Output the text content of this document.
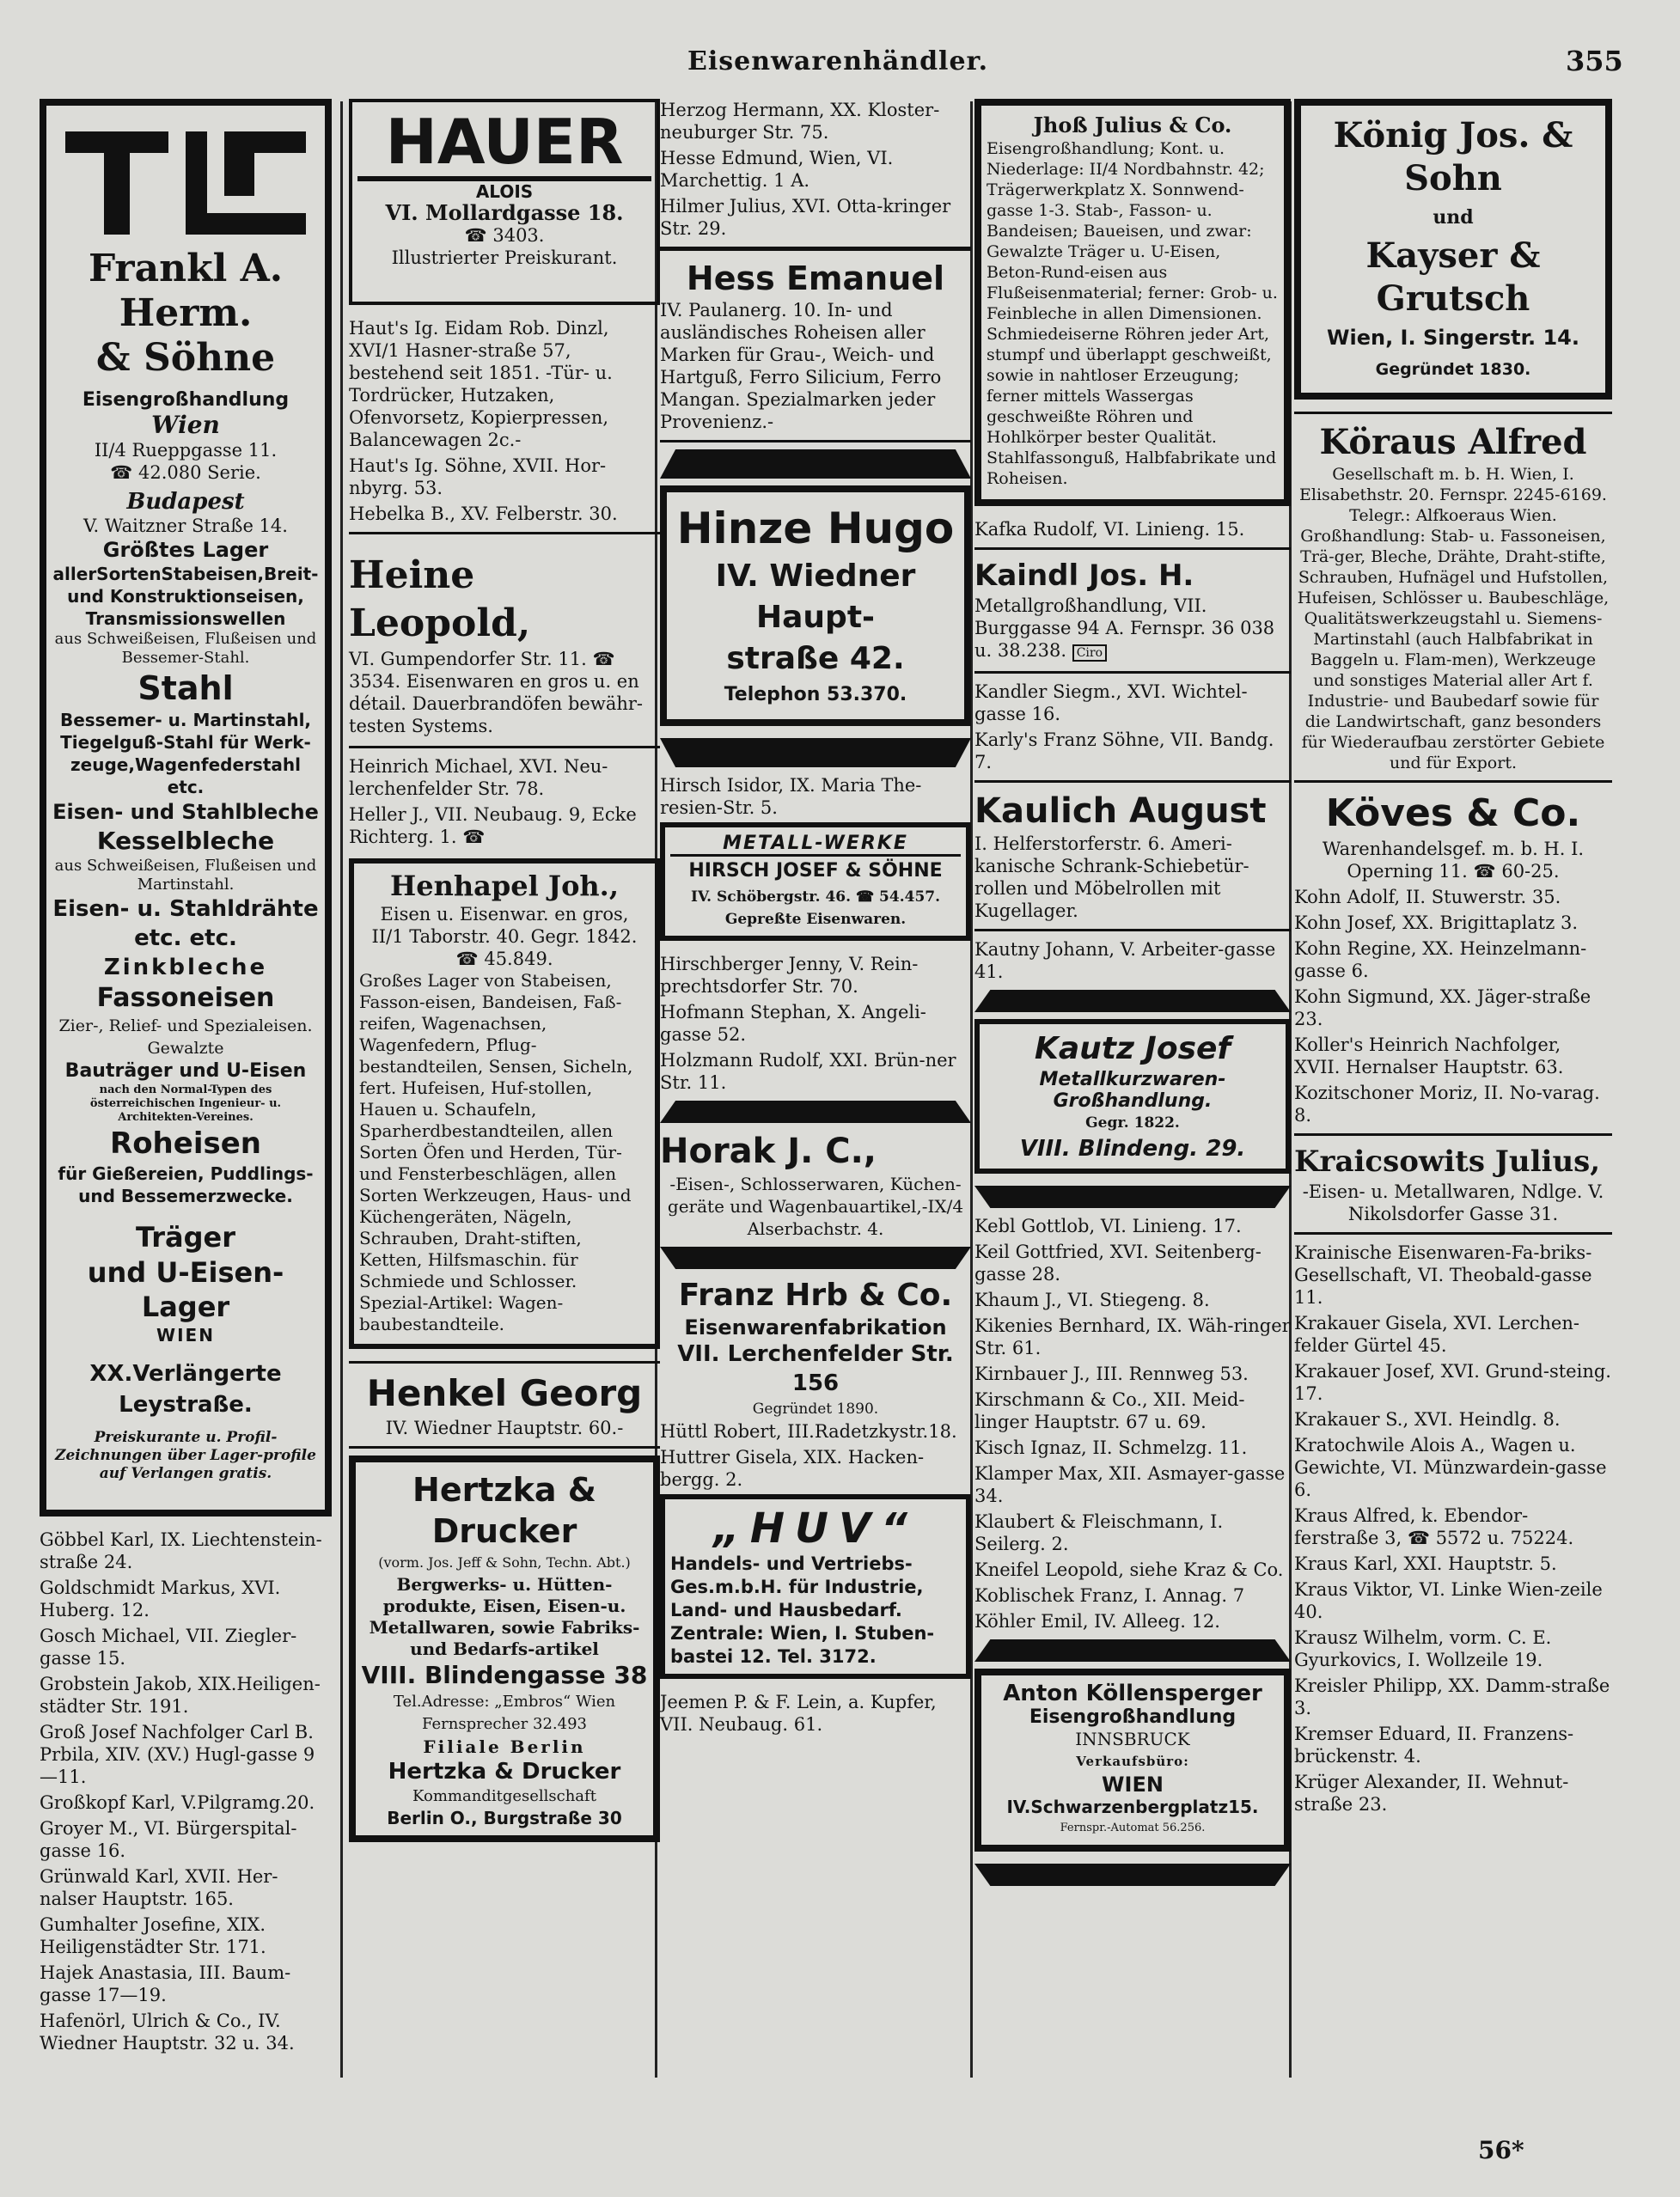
Eisenwarenhändler.	355
Frankl A. Herm.
& Söhne
Eisengroßhandlung
Wien
II/4 Rueppgasse 11.
☎ 42.080 Serie.
Budapest
V. Waitzner Straße 14.
Größtes Lager
allerSortenStabeisen,Breit-
und Konstruktionseisen,
Transmissionswellen
aus Schweißeisen, Flußeisen und Bessemer-Stahl.
Stahl
Bessemer- u. Martinstahl,
Tiegelguß-Stahl für Werk-
zeuge,Wagenfederstahl etc.
Eisen- und Stahlbleche
Kesselbleche
aus Schweißeisen, Flußeisen und Martinstahl.
Eisen- u. Stahldrähte
etc. etc.
Zinkbleche
Fassoneisen
Zier-, Relief- und Spezialeisen.
Gewalzte
Bauträger und U-Eisen
nach den Normal-Typen des österreichischen Ingenieur- u. Architekten-Vereines.
Roheisen
für Gießereien, Puddlings-
und Bessemerzwecke.
Träger
und U-Eisen-Lager
WIEN
XX.Verlängerte Leystraße.
Preiskurante u. Profil-Zeichnungen über Lager-profile auf Verlangen gratis.
Göbbel Karl, IX. Liechtenstein-straße 24.
Goldschmidt Markus, XVI. Huberg. 12.
Gosch Michael, VII. Ziegler-gasse 15.
Grobstein Jakob, XIX.Heiligen-städter Str. 191.
Groß Josef Nachfolger Carl B. Prbila, XIV. (XV.) Hugl-gasse 9—11.
Großkopf Karl, V.Pilgramg.20.
Groyer M., VI. Bürgerspital-gasse 16.
Grünwald Karl, XVII. Her-nalser Hauptstr. 165.
Gumhalter Josefine, XIX. Heiligenstädter Str. 171.
Hajek Anastasia, III. Baum-gasse 17—19.
Hafenörl, Ulrich & Co., IV. Wiedner Hauptstr. 32 u. 34.
HAUER
ALOIS
VI. Mollardgasse 18.
☎ 3403.
Illustrierter Preiskurant.
Haut's Ig. Eidam Rob. Dinzl, XVI/1 Hasner-straße 57, bestehend seit 1851. -Tür- u. Tordrücker, Hutzaken, Ofenvorsetz, Kopierpressen, Balancewagen 2c.-
Haut's Ig. Söhne, XVII. Hor-nbyrg. 53.
Hebelka B., XV. Felberstr. 30.
Heine Leopold,
VI. Gumpendorfer Str. 11. ☎ 3534. Eisenwaren en gros u. en détail. Dauerbrandöfen bewähr-testen Systems.
Heinrich Michael, XVI. Neu-lerchenfelder Str. 78.
Heller J., VII. Neubaug. 9, Ecke Richterg. 1. ☎
Henhapel Joh.,
Eisen u. Eisenwar. en gros,
II/1 Taborstr. 40. Gegr. 1842.
☎ 45.849.
Großes Lager von Stabeisen, Fasson-eisen, Bandeisen, Faß-reifen, Wagenachsen, Wagenfedern, Pflug-bestandteilen, Sensen, Sicheln, fert. Hufeisen, Huf-stollen, Hauen u. Schaufeln, Sparherdbestandteilen, allen Sorten Öfen und Herden, Tür- und Fensterbeschlägen, allen Sorten Werkzeugen, Haus- und Küchengeräten, Nägeln, Schrauben, Draht-stiften, Ketten, Hilfsmaschin. für Schmiede und Schlosser. Spezial-Artikel: Wagen-baubestandteile.
Henkel Georg
IV. Wiedner Hauptstr. 60.-
Hertzka & Drucker
(vorm. Jos. Jeff & Sohn, Techn. Abt.)
Bergwerks- u. Hütten-produkte, Eisen, Eisen-u. Metallwaren, sowie Fabriks- und Bedarfs-artikel
VIII. Blindengasse 38
Tel.Adresse: „Embros“ Wien
Fernsprecher 32.493
Filiale Berlin
Hertzka & Drucker
Kommanditgesellschaft
Berlin O., Burgstraße 30
Herzog Hermann, XX. Kloster-neuburger Str. 75.
Hesse Edmund, Wien, VI. Marchettig. 1 A.
Hilmer Julius, XVI. Otta-kringer Str. 29.
Hess Emanuel
IV. Paulanerg. 10. In- und ausländisches Roheisen aller Marken für Grau-, Weich- und Hartguß, Ferro Silicium, Ferro Mangan. Spezialmarken jeder Provenienz.-
Hinze Hugo
IV. Wiedner Haupt-
straße 42.
Telephon 53.370.
Hirsch Isidor, IX. Maria The-resien-Str. 5.
METALL-WERKE
HIRSCH JOSEF & SÖHNE
IV. Schöbergstr. 46. ☎ 54.457.
Gepreßte Eisenwaren.
Hirschberger Jenny, V. Rein-prechtsdorfer Str. 70.
Hofmann Stephan, X. Angeli-gasse 52.
Holzmann Rudolf, XXI. Brün-ner Str. 11.
Horak J. C.,
-Eisen-, Schlosserwaren, Küchen-geräte und Wagenbauartikel,-IX/4 Alserbachstr. 4.
Franz Hrb & Co.
Eisenwarenfabrikation
VII. Lerchenfelder Str. 156
Gegründet 1890.
Hüttl Robert, III.Radetzkystr.18.
Huttrer Gisela, XIX. Hacken-bergg. 2.
„HUV“
Handels- und Vertriebs-
Ges.m.b.H. für Industrie,
Land- und Hausbedarf.
Zentrale: Wien, I. Stuben-
bastei 12. Tel. 3172.
Jeemen P. & F. Lein, a. Kupfer, VII. Neubaug. 61.
Jhoß Julius & Co.
Eisengroßhandlung; Kont. u. Niederlage: II/4 Nordbahnstr. 42; Trägerwerkplatz X. Sonnwend-gasse 1-3. Stab-, Fasson- u. Bandeisen; Baueisen, und zwar: Gewalzte Träger u. U-Eisen, Beton-Rund-eisen aus Flußeisenmaterial; ferner: Grob- u. Feinbleche in allen Dimensionen. Schmiedeiserne Röhren jeder Art, stumpf und überlappt geschweißt, sowie in nahtloser Erzeugung; ferner mittels Wassergas geschweißte Röhren und Hohlkörper bester Qualität. Stahlfassonguß, Halbfabrikate und Roheisen.
Kafka Rudolf, VI. Linieng. 15.
Kaindl Jos. H.
Metallgroßhandlung, VII. Burggasse 94 A. Fernspr. 36 038 u. 38.238. Ciro
Kandler Siegm., XVI. Wichtel-gasse 16.
Karly's Franz Söhne, VII. Bandg. 7.
Kaulich August
I. Helferstorferstr. 6. Ameri-kanische Schrank-Schiebetür-rollen und Möbelrollen mit Kugellager.
Kautny Johann, V. Arbeiter-gasse 41.
Kautz Josef
Metallkurzwaren-
Großhandlung.
Gegr. 1822.
VIII. Blindeng. 29.
Kebl Gottlob, VI. Linieng. 17.
Keil Gottfried, XVI. Seitenberg-gasse 28.
Khaum J., VI. Stiegeng. 8.
Kikenies Bernhard, IX. Wäh-ringer Str. 61.
Kirnbauer J., III. Rennweg 53.
Kirschmann & Co., XII. Meid-linger Hauptstr. 67 u. 69.
Kisch Ignaz, II. Schmelzg. 11.
Klamper Max, XII. Asmayer-gasse 34.
Klaubert & Fleischmann, I. Seilerg. 2.
Kneifel Leopold, siehe Kraz & Co.
Koblischek Franz, I. Annag. 7
Köhler Emil, IV. Alleeg. 12.
Anton Köllensperger
Eisengroßhandlung
INNSBRUCK
Verkaufsbüro:
WIEN
IV.Schwarzenbergplatz15.
Fernspr.-Automat 56.256.
König Jos. & Sohn
und
Kayser & Grutsch
Wien, I. Singerstr. 14.
Gegründet 1830.
Köraus Alfred
Gesellschaft m. b. H. Wien, I. Elisabethstr. 20. Fernspr. 2245-6169. Telegr.: Alfkoeraus Wien. Großhandlung: Stab- u. Fassoneisen, Trä-ger, Bleche, Drähte, Draht-stifte, Schrauben, Hufnägel und Hufstollen, Hufeisen, Schlösser u. Baubeschläge, Qualitätswerkzeugstahl u. Siemens-Martinstahl (auch Halbfabrikat in Baggeln u. Flam-men), Werkzeuge und sonstiges Material aller Art f. Industrie- und Baubedarf sowie für die Landwirtschaft, ganz besonders für Wiederaufbau zerstörter Gebiete und für Export.
Köves & Co.
Warenhandelsgef. m. b. H. I. Operning 11. ☎ 60-25.
Kohn Adolf, II. Stuwerstr. 35.
Kohn Josef, XX. Brigittaplatz 3.
Kohn Regine, XX. Heinzelmann-gasse 6.
Kohn Sigmund, XX. Jäger-straße 23.
Koller's Heinrich Nachfolger, XVII. Hernalser Hauptstr. 63.
Kozitschoner Moriz, II. No-varag. 8.
Kraicsowits Julius,
-Eisen- u. Metallwaren, Ndlge. V. Nikolsdorfer Gasse 31.
Krainische Eisenwaren-Fa-briks-Gesellschaft, VI. Theobald-gasse 11.
Krakauer Gisela, XVI. Lerchen-felder Gürtel 45.
Krakauer Josef, XVI. Grund-steing. 17.
Krakauer S., XVI. Heindlg. 8.
Kratochwile Alois A., Wagen u. Gewichte, VI. Münzwardein-gasse 6.
Kraus Alfred, k. Ebendor-ferstraße 3, ☎ 5572 u. 75224.
Kraus Karl, XXI. Hauptstr. 5.
Kraus Viktor, VI. Linke Wien-zeile 40.
Krausz Wilhelm, vorm. C. E. Gyurkovics, I. Wollzeile 19.
Kreisler Philipp, XX. Damm-straße 3.
Kremser Eduard, II. Franzens-brückenstr. 4.
Krüger Alexander, II. Wehnut-straße 23.
56*
